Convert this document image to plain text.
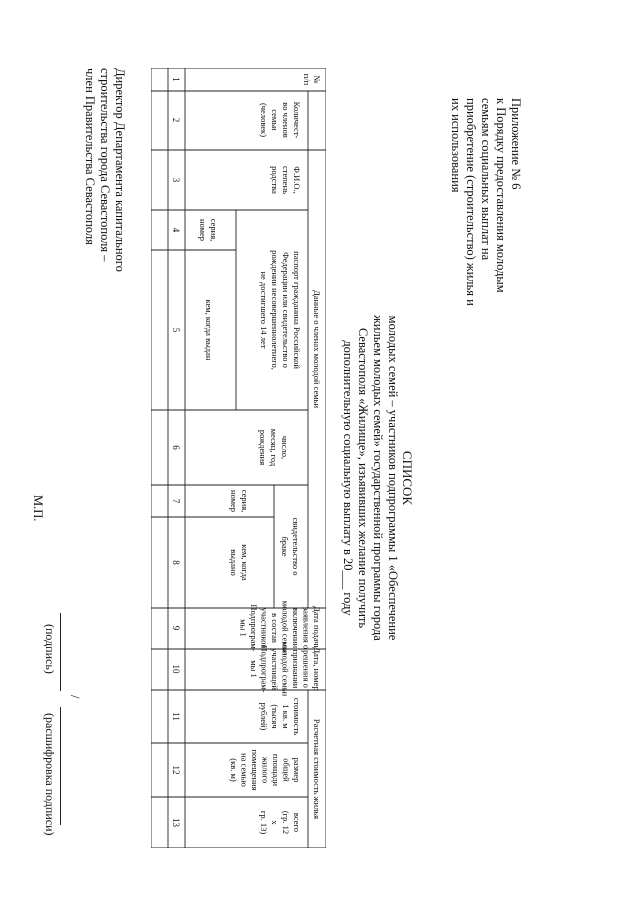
Приложение № 6
к Порядку предоставления молодым
семьям социальных выплат на
приобретение (строительство) жилья и
их использования
СПИСОК
молодых семей – участников подпрограммы 1 «Обеспечение
жильем молодых семей» государственной программы города
Севастополя «Жилище», изъявивших желание получить
дополнительную социальную выплату в 20___ году
№
п/п
Количест-
во членов
семьи
(человек)
Данные о членах молодой семьи
Ф.И.О.,
степень
родства
паспорт гражданина Российской
Федерации или свидетельство о
рождении несовершеннолетнего,
не достигшего 14 лет
серия,
номер
кем, когда выдан
число,
месяц, год
рождения
свидетельство о
браке
серия,
номер
кем, когда
выдано
Дата подачи
заявления о
включении
молодой семьи
в состав
участников
Подпрограм-
мы 1
Дата, номер
решения о
признании
молодой семьи
участницей
Подпрограм-
мы 1
Расчетная стоимость жилья
стоимость
1 кв. м
(тысяч
рублей)
размер
общей
площади
жилого
помещения
на семью
(кв. м)
всего
(гр. 12
х
гр. 13)
1
2
3
4
5
6
7
8
9
10
11
12
13
Директор Департамента капитального
строительства города Севастополя –
член Правительства Севастополя
М.П.
/
(подпись)
(расшифровка подписи)
